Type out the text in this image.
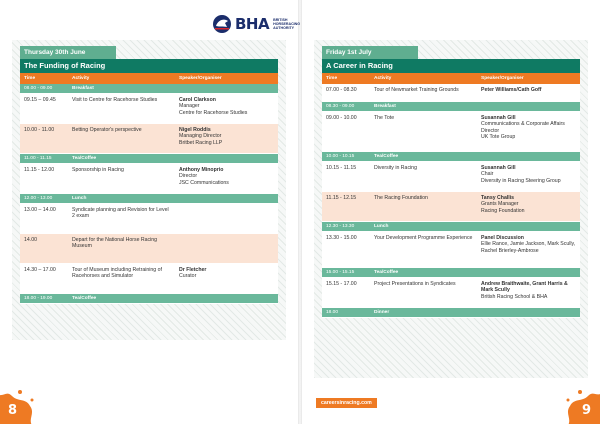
BHA BRITISH HORSERACING AUTHORITY
Thursday 30th June
The Funding of Racing
Time	Activity	Speaker/Organiser
08.00 - 09.00	Breakfast
09.15 – 09.45	Visit to Centre for Racehorse Studies	Carol Clarkson
Manager
Centre for Racehorse Studies
10.00 - 11.00	Betting Operator's perspective	Nigel Roddis
Managing Director
Britbet Racing LLP
11.00 - 11.15	Tea/Coffee
11.15 - 12.00	Sponsorship in Racing	Anthony Minoprio
Director
JSC Communications
12.00 - 13.00	Lunch
13.00 – 14.00	Syndicate planning and Revision for Level 2 exam
14.00	Depart for the National Horse Racing Museum
14.30 – 17.00	Tour of Museum including Retraining of Racehorses and Simulator
Dr Fletcher
Curator
18.00 - 19.00	Tea/Coffee
8
Friday 1st July
A Career in Racing
Time	Activity	Speaker/Organiser
07.00 - 08.30	Tour of Newmarket Training Grounds	Peter Williams/Cath Goff
08.30 - 09.00	Breakfast
09.00 - 10.00	The Tote	Susannah Gill
Communications & Corporate Affairs
Director
UK Tote Group
10.00 - 10.15	Tea/Coffee
10.15 - 11.15	Diversity in Racing	Susannah Gill
Chair
Diversity in Racing Steering Group
11.15 - 12.15	The Racing Foundation	Tansy Challis
Grants Manager
Racing Foundation
12.30 - 13.30	Lunch
13.30 - 15.00	Your Development Programme Experience	Panel Discussion
Ellie Rance, Jamie Jackson, Mark Scully, Rachel Brierley-Ambrose
15.00 - 15.15	Tea/Coffee
15.15 - 17.00	Project Presentations in Syndicates	Andrew Braithwaite, Grant Harris & Mark Scully
British Racing School & BHA
18.00	Dinner
careersinracing.com	9
